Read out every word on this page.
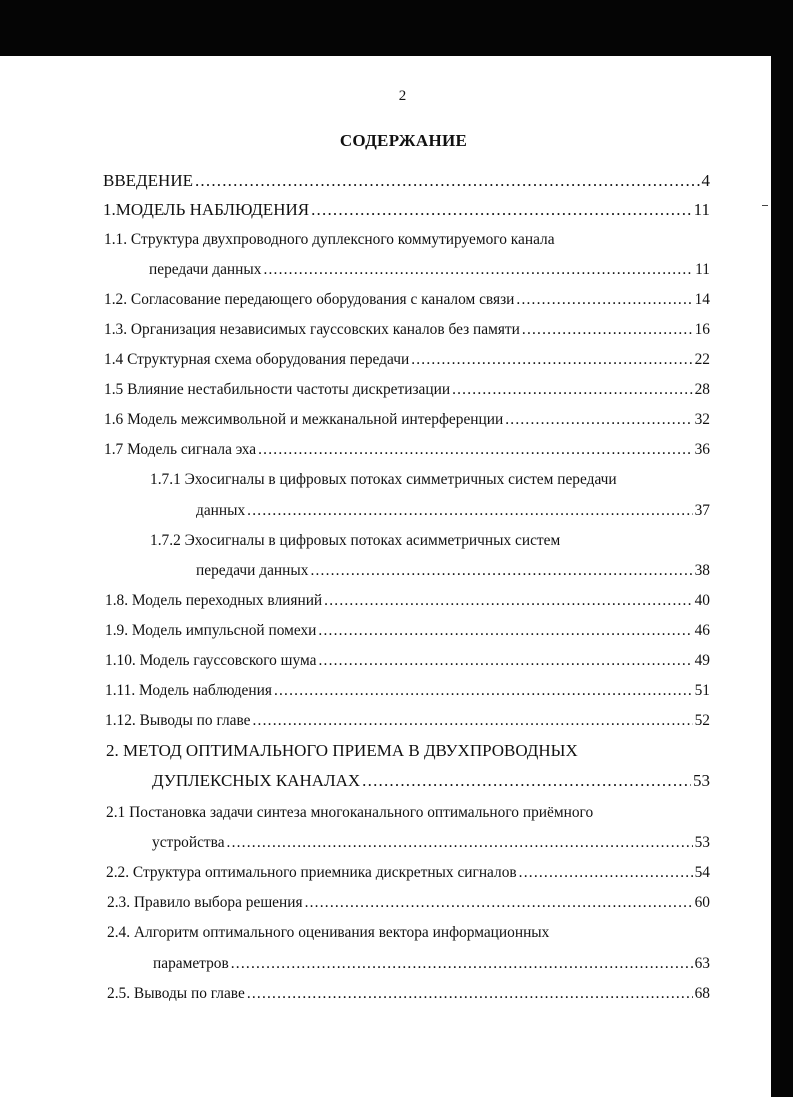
2
СОДЕРЖАНИЕ
ВВЕДЕНИЕ .....	4
1.МОДЕЛЬ НАБЛЮДЕНИЯ .....	11
1.1. Структура двухпроводного дуплексного коммутируемого канала
передачи данных .....	11
1.2. Согласование передающего оборудования с каналом связи .....	14
1.3. Организация независимых гауссовских каналов без памяти .....	16
1.4 Структурная схема оборудования передачи .....	22
1.5 Влияние нестабильности частоты дискретизации .....	28
1.6 Модель межсимвольной и межканальной интерференции .....	32
1.7 Модель сигнала эха .....	36
1.7.1 Эхосигналы в цифровых потоках симметричных систем передачи
данных .....	37
1.7.2 Эхосигналы в цифровых потоках асимметричных систем
передачи данных .....	38
1.8. Модель переходных влияний .....	40
1.9. Модель импульсной помехи .....	46
1.10. Модель гауссовского шума .....	49
1.11. Модель наблюдения .....	51
1.12. Выводы по главе .....	52
2. МЕТОД ОПТИМАЛЬНОГО ПРИЕМА В ДВУХПРОВОДНЫХ
ДУПЛЕКСНЫХ КАНАЛАХ .....	53
2.1 Постановка задачи синтеза многоканального оптимального приёмного
устройства .....	53
2.2. Структура оптимального приемника дискретных сигналов .....	54
2.3. Правило выбора решения .....	60
2.4. Алгоритм оптимального оценивания вектора информационных
параметров .....	63
2.5. Выводы по главе .....	68
